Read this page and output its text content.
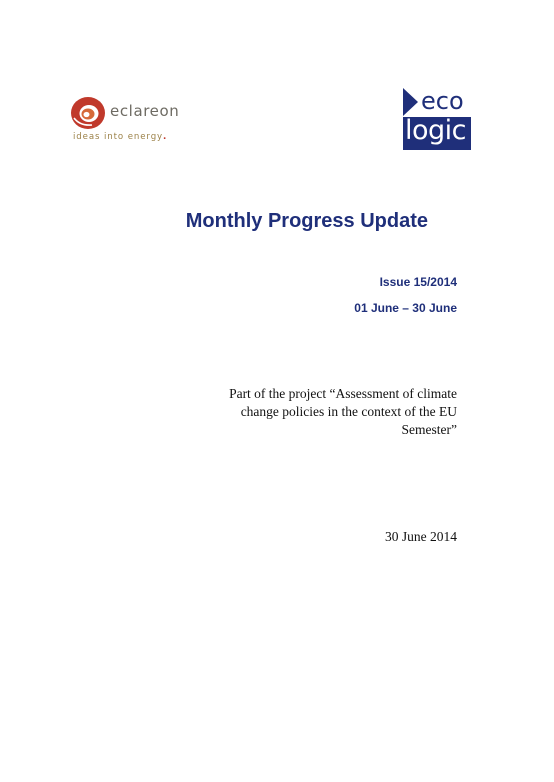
eclareon
ideas into energy.
eco
logic
Monthly Progress Update
Issue 15/2014
01 June – 30 June
Part of the project “Assessment of climate
change policies in the context of the EU
Semester”
30 June 2014
